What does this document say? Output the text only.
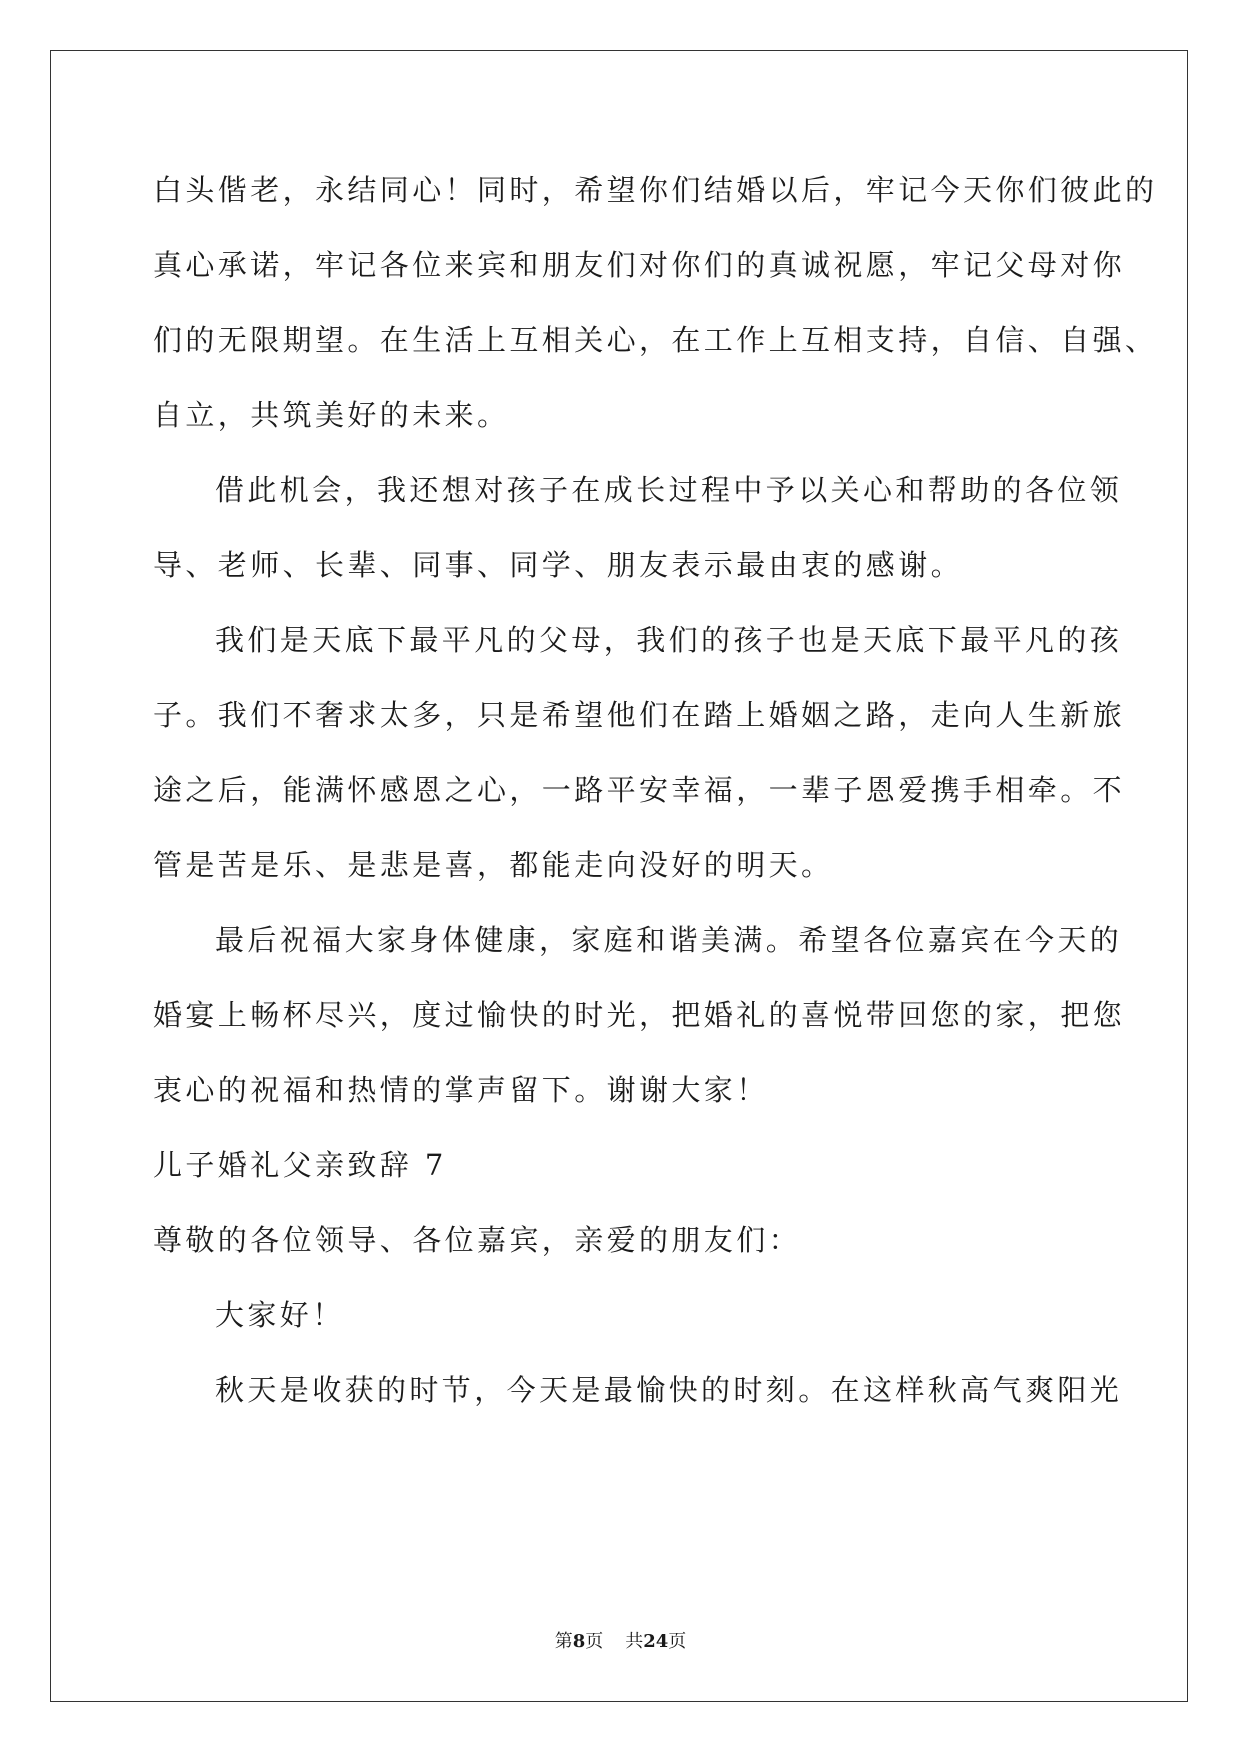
白头偕老，永结同心！同时，希望你们结婚以后，牢记今天你们彼此的
真心承诺，牢记各位来宾和朋友们对你们的真诚祝愿，牢记父母对你
们的无限期望。在生活上互相关心，在工作上互相支持，自信、自强、
自立，共筑美好的未来。
借此机会，我还想对孩子在成长过程中予以关心和帮助的各位领
导、老师、长辈、同事、同学、朋友表示最由衷的感谢。
我们是天底下最平凡的父母，我们的孩子也是天底下最平凡的孩
子。我们不奢求太多，只是希望他们在踏上婚姻之路，走向人生新旅
途之后，能满怀感恩之心，一路平安幸福，一辈子恩爱携手相牵。不
管是苦是乐、是悲是喜，都能走向没好的明天。
最后祝福大家身体健康，家庭和谐美满。希望各位嘉宾在今天的
婚宴上畅杯尽兴，度过愉快的时光，把婚礼的喜悦带回您的家，把您
衷心的祝福和热情的掌声留下。谢谢大家！
儿子婚礼父亲致辞 7
尊敬的各位领导、各位嘉宾，亲爱的朋友们：
大家好！
秋天是收获的时节，今天是最愉快的时刻。在这样秋高气爽阳光
第8页 共24页
